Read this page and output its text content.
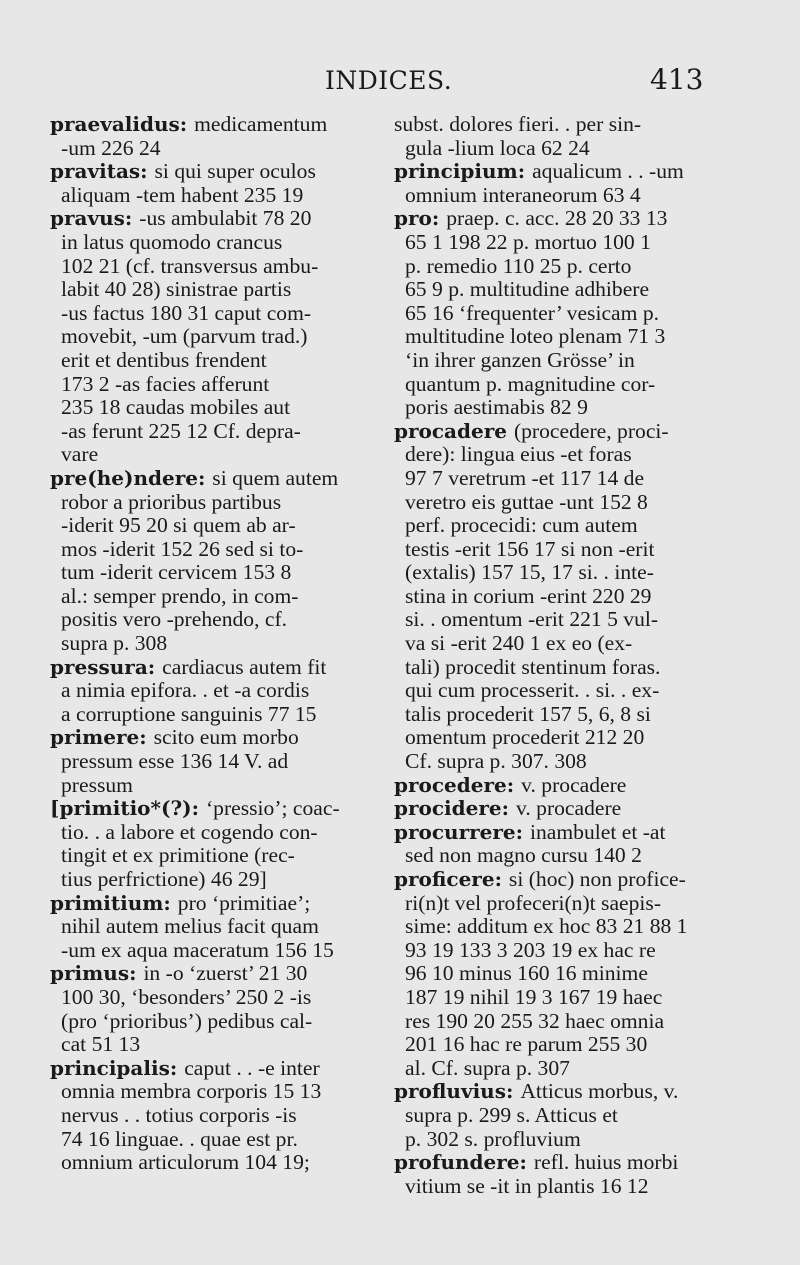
INDICES.	413
praevalidus: medicamentum
-um 226 24
pravitas: si qui super oculos
aliquam -tem habent 235 19
pravus: -us ambulabit 78 20
in latus quomodo crancus
102 21 (cf. transversus ambu-
labit 40 28) sinistrae partis
-us factus 180 31 caput com-
movebit, -um (parvum trad.)
erit et dentibus frendent
173 2 -as facies afferunt
235 18 caudas mobiles aut
-as ferunt 225 12 Cf. depra-
vare
pre(he)ndere: si quem autem
robor a prioribus partibus
-iderit 95 20 si quem ab ar-
mos -iderit 152 26 sed si to-
tum -iderit cervicem 153 8
al.: semper prendo, in com-
positis vero -prehendo, cf.
supra p. 308
pressura: cardiacus autem fit
a nimia epifora. . et -a cordis
a corruptione sanguinis 77 15
primere: scito eum morbo
pressum esse 136 14 V. ad
pressum
[primitio*(?): ‘pressio’; coac-
tio. . a labore et cogendo con-
tingit et ex primitione (rec-
tius perfrictione) 46 29]
primitium: pro ‘primitiae’;
nihil autem melius facit quam
-um ex aqua maceratum 156 15
primus: in -o ‘zuerst’ 21 30
100 30, ‘besonders’ 250 2 -is
(pro ‘prioribus’) pedibus cal-
cat 51 13
principalis: caput . . -e inter
omnia membra corporis 15 13
nervus . . totius corporis -is
74 16 linguae. . quae est pr.
omnium articulorum 104 19;
subst. dolores fieri. . per sin-
gula -lium loca 62 24
principium: aqualicum . . -um
omnium interaneorum 63 4
pro: praep. c. acc. 28 20 33 13
65 1 198 22 p. mortuo 100 1
p. remedio 110 25 p. certo
65 9 p. multitudine adhibere
65 16 ‘frequenter’ vesicam p.
multitudine loteo plenam 71 3
‘in ihrer ganzen Grösse’ in
quantum p. magnitudine cor-
poris aestimabis 82 9
procadere (procedere, proci-
dere): lingua eius -et foras
97 7 veretrum -et 117 14 de
veretro eis guttae -unt 152 8
perf. procecidi: cum autem
testis -erit 156 17 si non -erit
(extalis) 157 15, 17 si. . inte-
stina in corium -erint 220 29
si. . omentum -erit 221 5 vul-
va si -erit 240 1 ex eo (ex-
tali) procedit stentinum foras.
qui cum processerit. . si. . ex-
talis procederit 157 5, 6, 8 si
omentum procederit 212 20
Cf. supra p. 307. 308
procedere: v. procadere
procidere: v. procadere
procurrere: inambulet et -at
sed non magno cursu 140 2
proficere: si (hoc) non profice-
ri(n)t vel profeceri(n)t saepis-
sime: additum ex hoc 83 21 88 1
93 19 133 3 203 19 ex hac re
96 10 minus 160 16 minime
187 19 nihil 19 3 167 19 haec
res 190 20 255 32 haec omnia
201 16 hac re parum 255 30
al. Cf. supra p. 307
profluvius: Atticus morbus, v.
supra p. 299 s. Atticus et
p. 302 s. profluvium
profundere: refl. huius morbi
vitium se -it in plantis 16 12
